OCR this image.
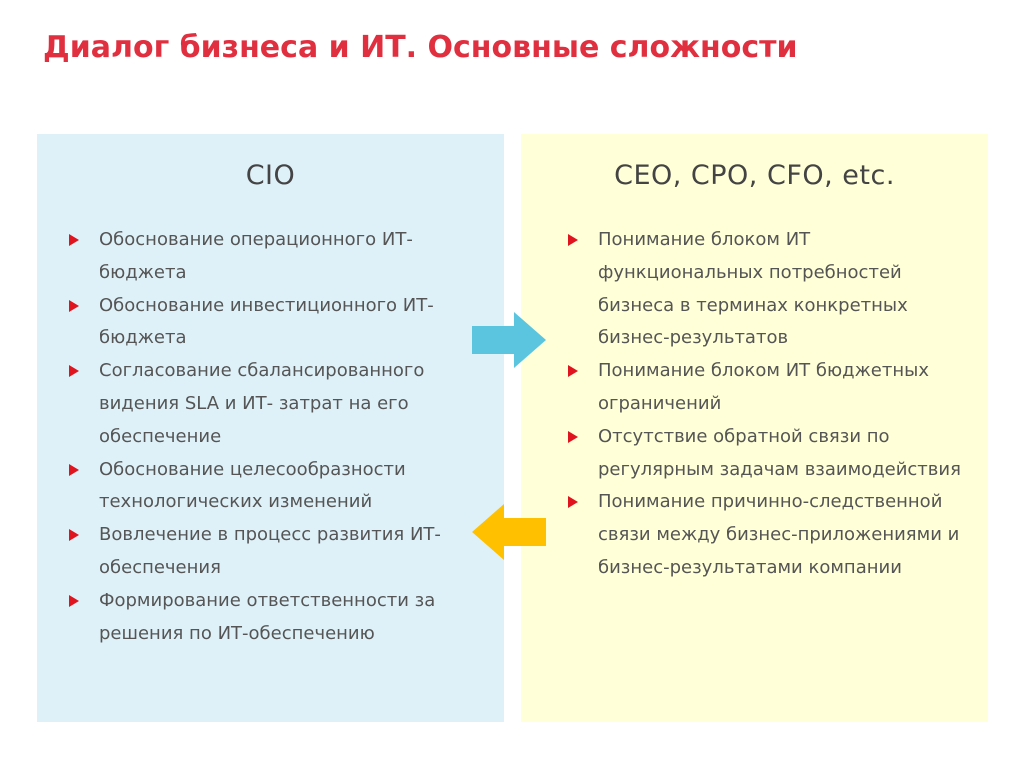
Диалог бизнеса и ИТ. Основные сложности
CIO
Обоснование операционного ИТ-бюджета
Обоснование инвестиционного ИТ-бюджета
Согласование сбалансированного видения SLA и ИТ- затрат на его обеспечение
Обоснование целесообразности технологических изменений
Вовлечение в процесс развития ИТ-обеспечения
Формирование ответственности за решения по ИТ-обеспечению
CEO, CPO, CFO, etc.
Понимание блоком ИТ функциональных потребностей бизнеса в терминах конкретных бизнес-результатов
Понимание блоком ИТ бюджетных ограничений
Отсутствие обратной связи по регулярным задачам взаимодействия
Понимание причинно-следственной связи между бизнес-приложениями и бизнес-результатами компании
